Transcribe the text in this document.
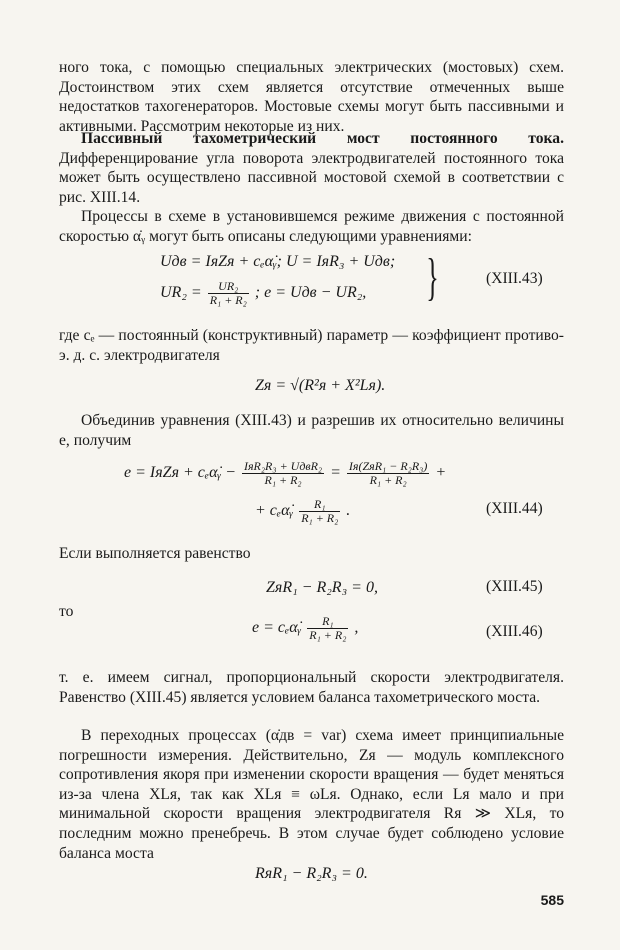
ного тока, с помощью специальных электрических (мостовых) схем. Достоинством этих схем является отсутствие отмеченных выше недостатков тахогенераторов. Мостовые схемы могут быть пассивными и активными. Рассмотрим некоторые из них.

Пассивный тахометрический мост постоянного тока. Дифференцирование угла поворота электродвигателей постоянного тока может быть осуществлено пассивной мостовой схемой в соответствии с рис. XIII.14.

Процессы в схеме в установившемся режиме движения с постоянной скоростью α̇ᵧ могут быть описаны следующими уравнениями:

Uдв = IяZя + cₑα̇ᵧ; U = IяR₃ + Uдв;
$UR_2 = \frac{\text{UR₂}}{\text{R₁ + R₂}}$ ; e = Uдв − UR₂, }	(XIII.43)

где cₑ — постоянный (конструктивный) параметр — коэффициент противо-э. д. с. электродвигателя

Zя = √(R²я + X²Lя).

Объединив уравнения (XIII.43) и разрешив их относительно величины e, получим

e = IяZя + cₑα̇ᵧ − $\frac{\text{IяR₂R₃ + UдвR₂}}{\text{R₁ + R₂}} = \frac{\text{Iя(ZяR₁ − R₂R₃)}}{\text{R₁ + R₂}}$ +
+ cₑα̇ᵧ $\frac{\text{R₁}}{\text{R₁ + R₂}}$ .	(XIII.44)

Если выполняется равенство

ZяR₁ − R₂R₃ = 0,	(XIII.45)

то

e = cₑα̇ᵧ $\frac{\text{R₁}}{\text{R₁ + R₂}}$ ,	(XIII.46)

т. е. имеем сигнал, пропорциональный скорости электродвигателя. Равенство (XIII.45) является условием баланса тахометрического моста.

В переходных процессах (α̇дв = var) схема имеет принципиальные погрешности измерения. Действительно, Zя — модуль комплексного сопротивления якоря при изменении скорости вращения — будет меняться из-за члена XLя, так как XLя ≡ ωLя. Однако, если Lя мало и при минимальной скорости вращения электродвигателя Rя ≫ XLя, то последним можно пренебречь. В этом случае будет соблюдено условие баланса моста

RяR₁ − R₂R₃ = 0.
585
